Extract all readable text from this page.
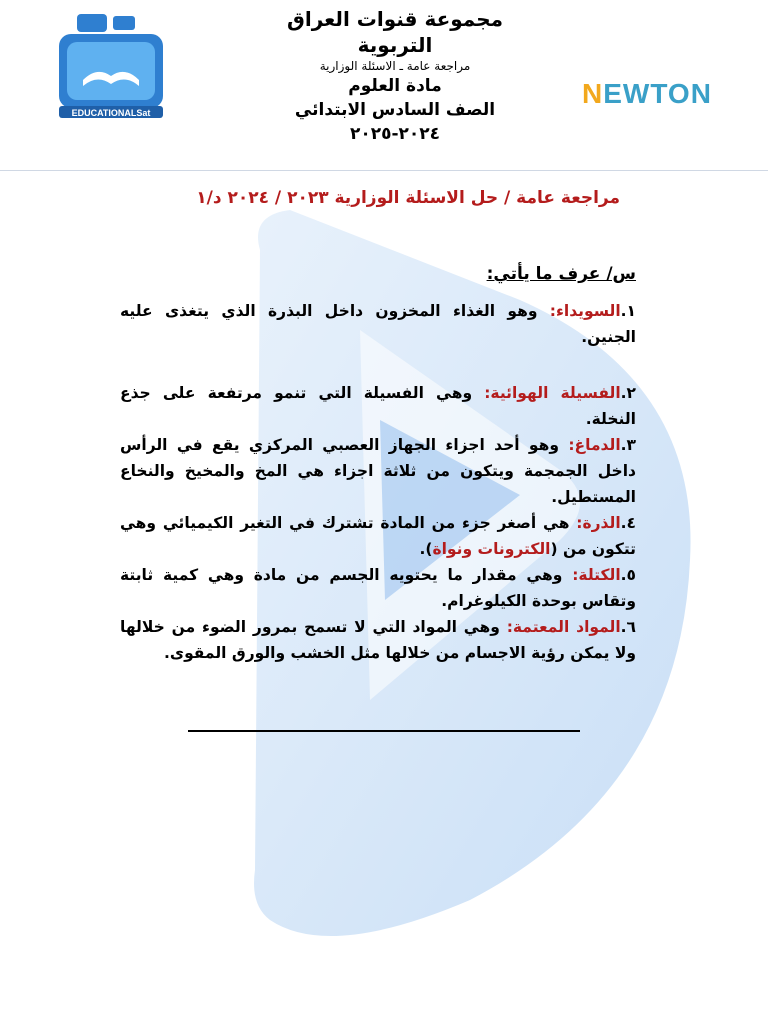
EDUCATIONALSat
NEWTON
مجموعة قنوات العراق التربوية
مراجعة عامة ـ الاسئلة الوزارية
مادة العلوم
الصف السادس الابتدائي
٢٠٢٤-٢٠٢٥
مراجعة عامة / حل الاسئلة الوزارية ٢٠٢٣ / ٢٠٢٤ د/١
س/ عرف ما يأتي:

١.السويداء: وهو الغذاء المخزون داخل البذرة الذي يتغذى عليه الجنين.

٢.الفسيلة الهوائية: وهي الفسيلة التي تنمو مرتفعة على جذع النخلة.

٣.الدماغ: وهو أحد اجزاء الجهاز العصبي المركزي يقع في الرأس داخل الجمجمة ويتكون من ثلاثة اجزاء هي المخ والمخيخ والنخاع المستطيل.

٤.الذرة: هي أصغر جزء من المادة تشترك في التغير الكيميائي وهي تتكون من (الكترونات ونواة).

٥.الكتلة: وهي مقدار ما يحتويه الجسم من مادة وهي كمية ثابتة وتقاس بوحدة الكيلوغرام.

٦.المواد المعتمة: وهي المواد التي لا تسمح بمرور الضوء من خلالها ولا يمكن رؤية الاجسام من خلالها مثل الخشب والورق المقوى.
